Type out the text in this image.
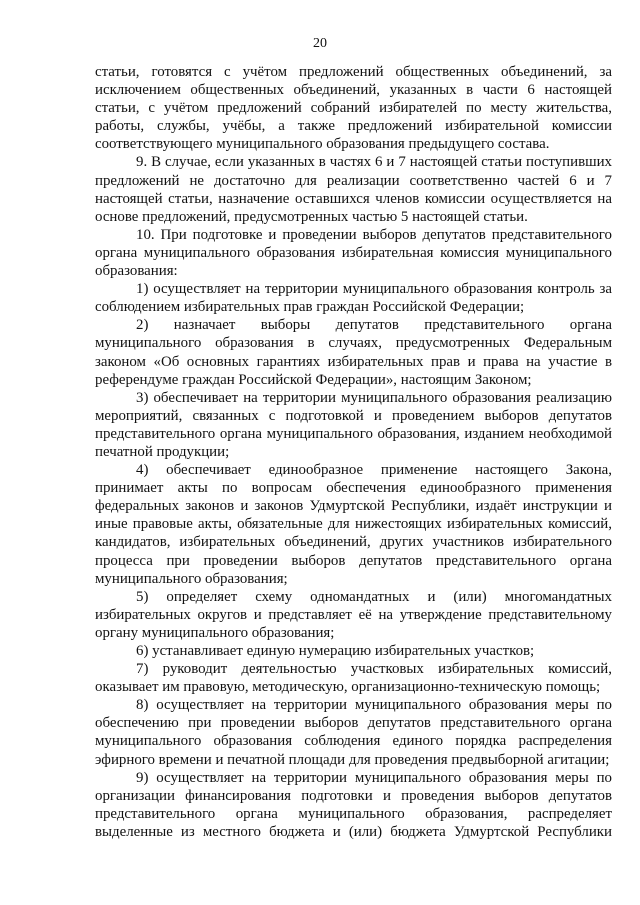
20

статьи, готовятся с учётом предложений общественных объединений, за исключением общественных объединений, указанных в части 6 настоящей статьи, с учётом предложений собраний избирателей по месту жительства, работы, службы, учёбы, а также предложений избирательной комиссии соответствующего муниципального образования предыдущего состава.

9. В случае, если указанных в частях 6 и 7 настоящей статьи поступивших предложений не достаточно для реализации соответственно частей 6 и 7 настоящей статьи, назначение оставшихся членов комиссии осуществляется на основе предложений, предусмотренных частью 5 настоящей статьи.

10. При подготовке и проведении выборов депутатов представительного органа муниципального образования избирательная комиссия муниципального образования:

1) осуществляет на территории муниципального образования контроль за соблюдением избирательных прав граждан Российской Федерации;

2) назначает выборы депутатов представительного органа муниципального образования в случаях, предусмотренных Федеральным законом «Об основных гарантиях избирательных прав и права на участие в референдуме граждан Российской Федерации», настоящим Законом;

3) обеспечивает на территории муниципального образования реализацию мероприятий, связанных с подготовкой и проведением выборов депутатов представительного органа муниципального образования, изданием необходимой печатной продукции;

4) обеспечивает единообразное применение настоящего Закона, принимает акты по вопросам обеспечения единообразного применения федеральных законов и законов Удмуртской Республики, издаёт инструкции и иные правовые акты, обязательные для нижестоящих избирательных комиссий, кандидатов, избирательных объединений, других участников избирательного процесса при проведении выборов депутатов представительного органа муниципального образования;

5) определяет схему одномандатных и (или) многомандатных избирательных округов и представляет её на утверждение представительному органу муниципального образования;

6) устанавливает единую нумерацию избирательных участков;

7) руководит деятельностью участковых избирательных комиссий, оказывает им правовую, методическую, организационно-техническую помощь;

8) осуществляет на территории муниципального образования меры по обеспечению при проведении выборов депутатов представительного органа муниципального образования соблюдения единого порядка распределения эфирного времени и печатной площади для проведения предвыборной агитации;

9) осуществляет на территории муниципального образования меры по организации финансирования подготовки и проведения выборов депутатов представительного органа муниципального образования, распределяет выделенные из местного бюджета и (или) бюджета Удмуртской Республики
